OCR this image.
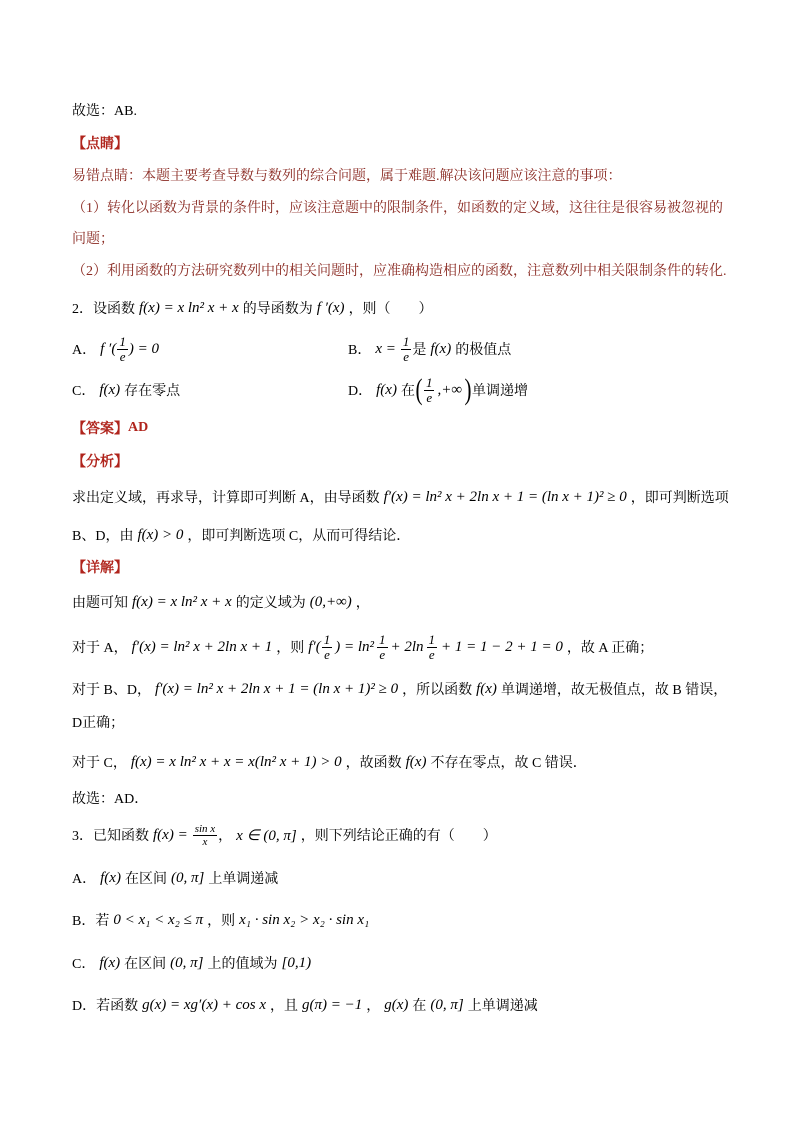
故选：AB.
【点睛】
易错点睛：本题主要考查导数与数列的综合问题，属于难题.解决该问题应该注意的事项：
（1）转化以函数为背景的条件时，应该注意题中的限制条件，如函数的定义域，这往往是很容易被忽视的
问题；
（2）利用函数的方法研究数列中的相关问题时，应准确构造相应的函数，注意数列中相关限制条件的转化.
2．设函数 f(x) = x ln² x + x 的导函数为 f ′(x) ，则（　　）
A． f ′( $\frac{1}{e}$ ) = 0	B． $x = \frac{1}{e}$ 是 f(x) 的极值点
C． f(x) 存在零点	D． f(x) 在 ( $\frac{1}{e}$ ,+∞ ) 单调递增
【答案】 AD
【分析】
求出定义域，再求导，计算即可判断 A，由导函数 f′(x) = ln² x + 2ln x + 1 = (ln x + 1)² ≥ 0 ，即可判断选项
B、D，由 f(x) > 0 ，即可判断选项 C，从而可得结论．
【详解】
由题可知 f(x) = x ln² x + x 的定义域为 (0,+∞) ，
对于 A， f′(x) = ln² x + 2ln x + 1 ，则 $f'( \frac{1}{e}$ ) = $\ln^2 \frac{1}{e} + 2\ln \frac{1}{e} + 1 = 1 - 2 + 1 = 0$ ，故 A 正确；
对于 B、D， f′(x) = ln² x + 2ln x + 1 = (ln x + 1)² ≥ 0 ，所以函数 f(x) 单调递增，故无极值点，故 B 错误，
D正确；
对于 C， f(x) = x ln² x + x = x(ln² x + 1) > 0 ，故函数 f(x) 不存在零点，故 C 错误．
故选：AD．
3．已知函数 $f(x) = \frac{\text{sin x}}{x}$ ， x ∈ (0, π] ，则下列结论正确的有（　　）
A． f(x) 在区间 (0, π] 上单调递减
B．若 0 < x₁ < x₂ ≤ π ，则 x₁ · sin x₂ > x₂ · sin x₁
C． f(x) 在区间 (0, π] 上的值域为 [0,1)
D．若函数 g(x) = xg′(x) + cos x ，且 g(π) = −1 ， g(x) 在 (0, π] 上单调递减
